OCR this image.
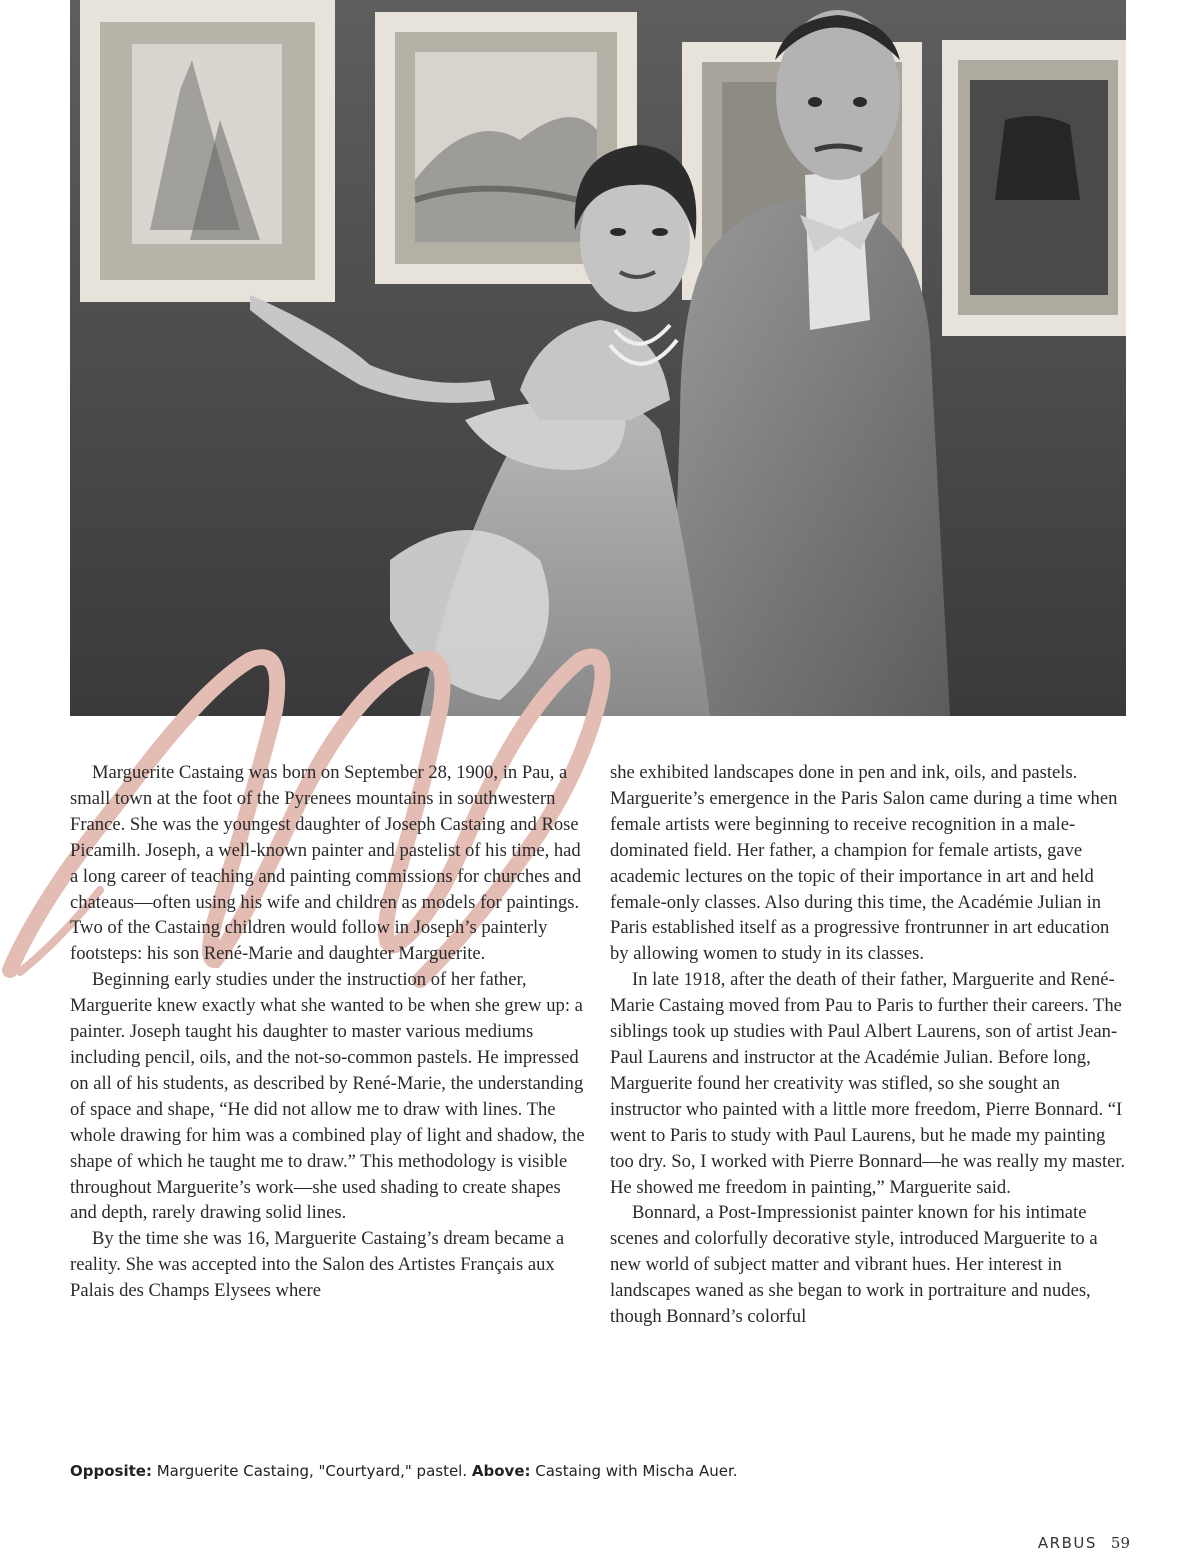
Marguerite Castaing was born on September 28, 1900, in Pau, a small town at the foot of the Pyrenees mountains in southwestern France. She was the youngest daughter of Joseph Castaing and Rose Picamilh. Joseph, a well-known painter and pastelist of his time, had a long career of teaching and painting commissions for churches and chateaus—often using his wife and children as models for paintings. Two of the Castaing children would follow in Joseph’s painterly footsteps: his son René-Marie and daughter Marguerite.

Beginning early studies under the instruction of her father, Marguerite knew exactly what she wanted to be when she grew up: a painter. Joseph taught his daughter to master various mediums including pencil, oils, and the not-so-common pastels. He impressed on all of his students, as described by René-Marie, the understanding of space and shape, “He did not allow me to draw with lines. The whole drawing for him was a combined play of light and shadow, the shape of which he taught me to draw.” This methodology is visible throughout Marguerite’s work—she used shading to create shapes and depth, rarely drawing solid lines.

By the time she was 16, Marguerite Castaing’s dream became a reality. She was accepted into the Salon des Artistes Français aux Palais des Champs Elysees where

she exhibited landscapes done in pen and ink, oils, and pastels. Marguerite’s emergence in the Paris Salon came during a time when female artists were beginning to receive recognition in a male-dominated field. Her father, a champion for female artists, gave academic lectures on the topic of their importance in art and held female-only classes. Also during this time, the Académie Julian in Paris established itself as a progressive frontrunner in art education by allowing women to study in its classes.

In late 1918, after the death of their father, Marguerite and René-Marie Castaing moved from Pau to Paris to further their careers. The siblings took up studies with Paul Albert Laurens, son of artist Jean-Paul Laurens and instructor at the Académie Julian. Before long, Marguerite found her creativity was stifled, so she sought an instructor who painted with a little more freedom, Pierre Bonnard. “I went to Paris to study with Paul Laurens, but he made my painting too dry. So, I worked with Pierre Bonnard—he was really my master. He showed me freedom in painting,” Marguerite said.

Bonnard, a Post-Impressionist painter known for his intimate scenes and colorfully decorative style, introduced Marguerite to a new world of subject matter and vibrant hues. Her interest in landscapes waned as she began to work in portraiture and nudes, though Bonnard’s colorful

Opposite: Marguerite Castaing, "Courtyard," pastel. Above: Castaing with Mischa Auer.
ARBUS 59
